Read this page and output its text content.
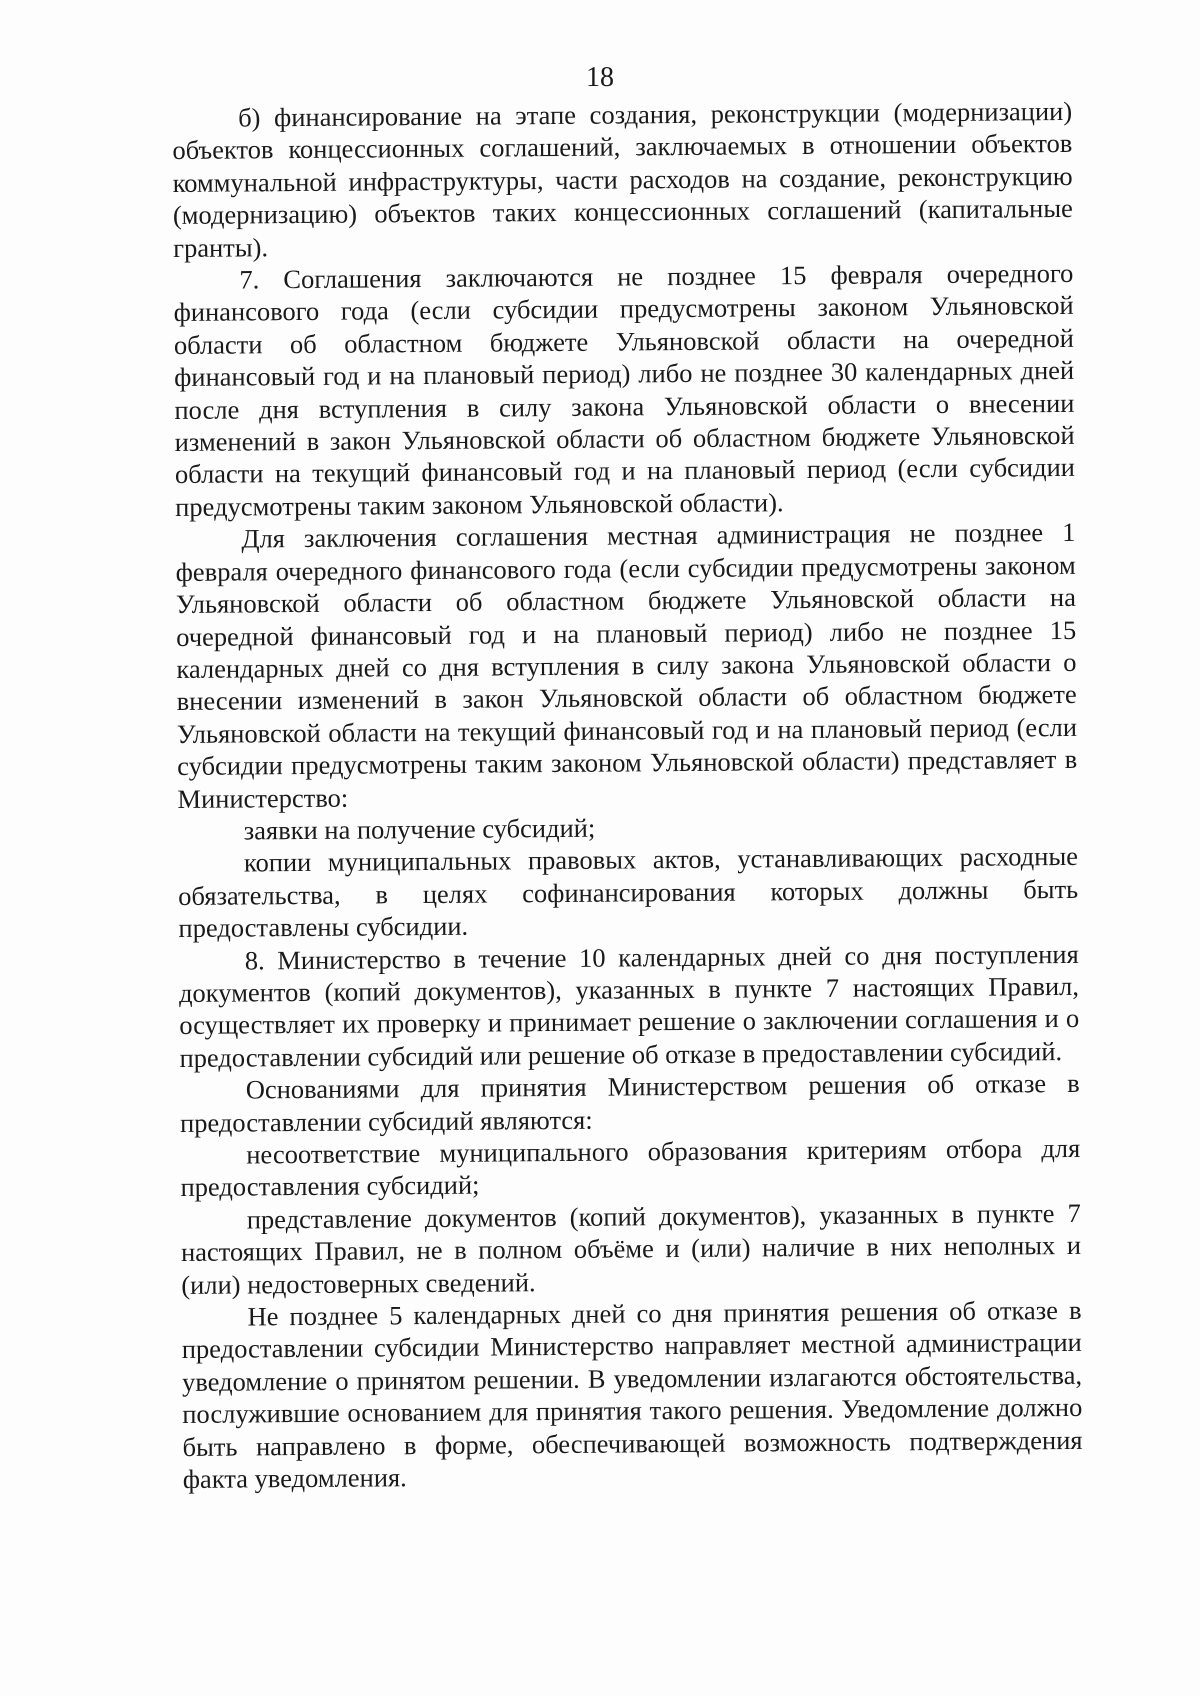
18

б) финансирование на этапе создания, реконструкции (модернизации) объектов концессионных соглашений, заключаемых в отношении объектов коммунальной инфраструктуры, части расходов на создание, реконструкцию (модернизацию) объектов таких концессионных соглашений (капитальные гранты).

7. Соглашения заключаются не позднее 15 февраля очередного финансового года (если субсидии предусмотрены законом Ульяновской области об областном бюджете Ульяновской области на очередной финансовый год и на плановый период) либо не позднее 30 календарных дней после дня вступления в силу закона Ульяновской области о внесении изменений в закон Ульяновской области об областном бюджете Ульяновской области на текущий финансовый год и на плановый период (если субсидии предусмотрены таким законом Ульяновской области).

Для заключения соглашения местная администрация не позднее 1 февраля очередного финансового года (если субсидии предусмотрены законом Ульяновской области об областном бюджете Ульяновской области на очередной финансовый год и на плановый период) либо не позднее 15 календарных дней со дня вступления в силу закона Ульяновской области о внесении изменений в закон Ульяновской области об областном бюджете Ульяновской области на текущий финансовый год и на плановый период (если субсидии предусмотрены таким законом Ульяновской области) представляет в Министерство:

заявки на получение субсидий;

копии муниципальных правовых актов, устанавливающих расходные обязательства, в целях софинансирования которых должны быть предоставлены субсидии.

8. Министерство в течение 10 календарных дней со дня поступления документов (копий документов), указанных в пункте 7 настоящих Правил, осуществляет их проверку и принимает решение о заключении соглашения и о предоставлении субсидий или решение об отказе в предоставлении субсидий.

Основаниями для принятия Министерством решения об отказе в предоставлении субсидий являются:

несоответствие муниципального образования критериям отбора для предоставления субсидий;

представление документов (копий документов), указанных в пункте 7 настоящих Правил, не в полном объёме и (или) наличие в них неполных и (или) недостоверных сведений.

Не позднее 5 календарных дней со дня принятия решения об отказе в предоставлении субсидии Министерство направляет местной администрации уведомление о принятом решении. В уведомлении излагаются обстоятельства, послужившие основанием для принятия такого решения. Уведомление должно быть направлено в форме, обеспечивающей возможность подтверждения факта уведомления.
